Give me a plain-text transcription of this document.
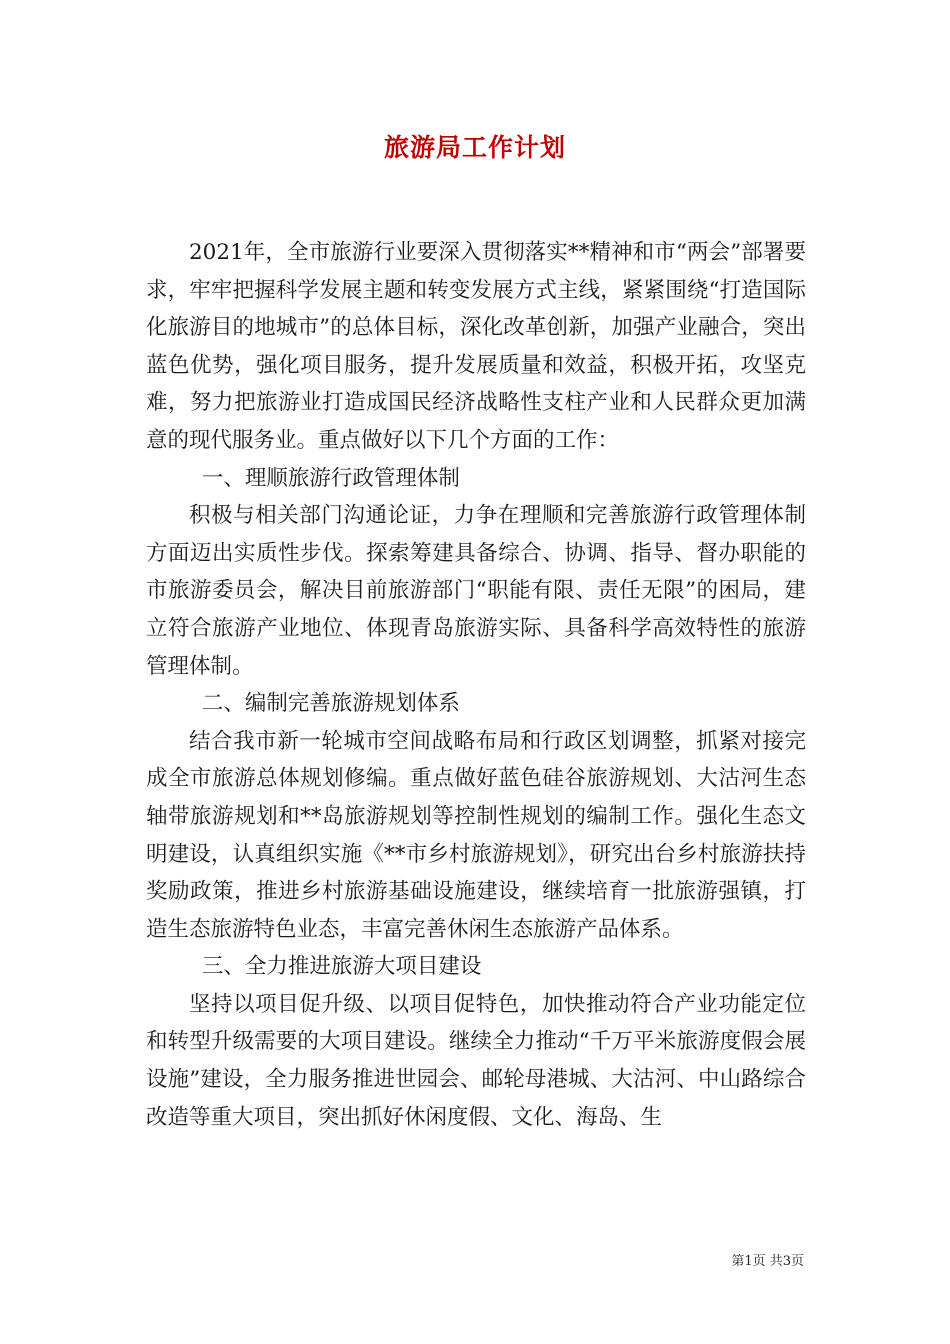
旅游局工作计划

2021年，全市旅游行业要深入贯彻落实**精神和市“两会”部署要求，牢牢把握科学发展主题和转变发展方式主线，紧紧围绕“打造国际化旅游目的地城市”的总体目标，深化改革创新，加强产业融合，突出蓝色优势，强化项目服务，提升发展质量和效益，积极开拓，攻坚克难，努力把旅游业打造成国民经济战略性支柱产业和人民群众更加满意的现代服务业。重点做好以下几个方面的工作：

一、理顺旅游行政管理体制

积极与相关部门沟通论证，力争在理顺和完善旅游行政管理体制方面迈出实质性步伐。探索筹建具备综合、协调、指导、督办职能的市旅游委员会，解决目前旅游部门“职能有限、责任无限”的困局，建立符合旅游产业地位、体现青岛旅游实际、具备科学高效特性的旅游管理体制。

二、编制完善旅游规划体系

结合我市新一轮城市空间战略布局和行政区划调整，抓紧对接完成全市旅游总体规划修编。重点做好蓝色硅谷旅游规划、大沽河生态轴带旅游规划和**岛旅游规划等控制性规划的编制工作。强化生态文明建设，认真组织实施《**市乡村旅游规划》，研究出台乡村旅游扶持奖励政策，推进乡村旅游基础设施建设，继续培育一批旅游强镇，打造生态旅游特色业态，丰富完善休闲生态旅游产品体系。

三、全力推进旅游大项目建设

坚持以项目促升级、以项目促特色，加快推动符合产业功能定位和转型升级需要的大项目建设。继续全力推动“千万平米旅游度假会展设施”建设，全力服务推进世园会、邮轮母港城、大沽河、中山路综合改造等重大项目，突出抓好休闲度假、文化、海岛、生

第1页 共3页
